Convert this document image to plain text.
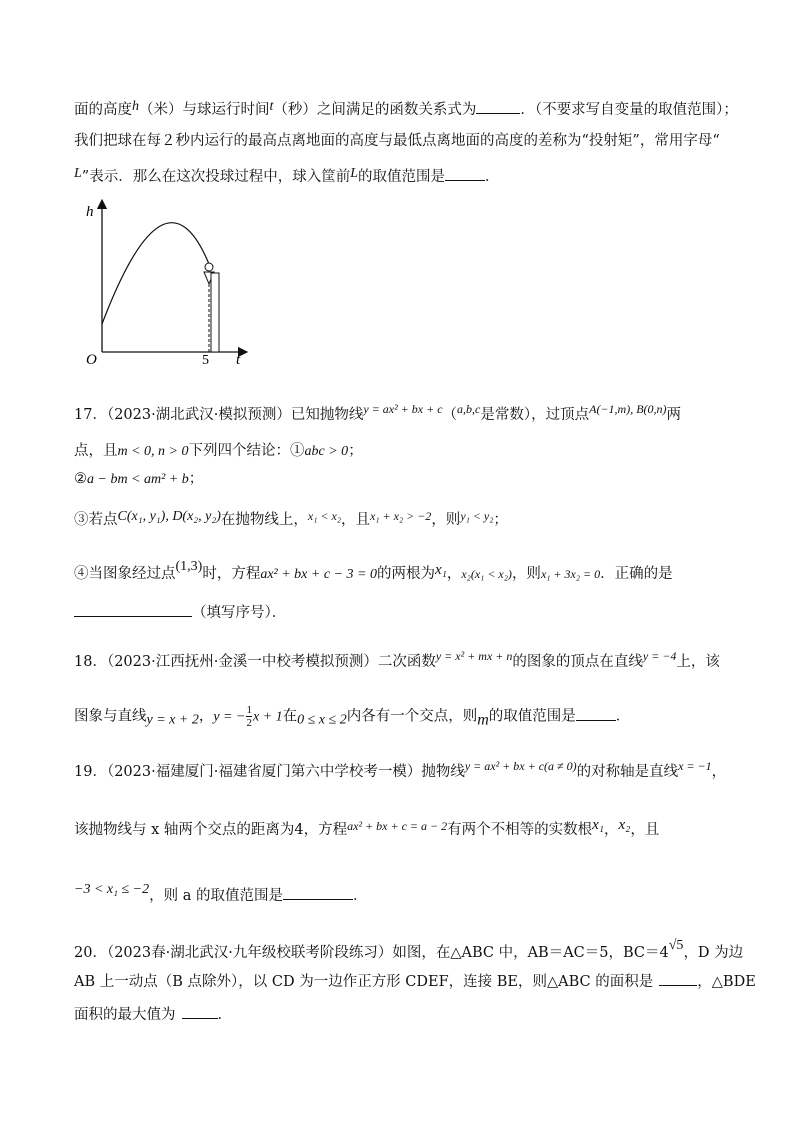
面的高度h（米）与球运行时间t（秒）之间满足的函数关系式为	．（不要求写自变量的取值范围）；
我们把球在每２秒内运行的最高点离地面的高度与最低点离地面的高度的差称为“投射矩”，常用字母“
L”表示．那么在这次投球过程中，球入筐前L的取值范围是	．
h
t
O	5
17．（2023·湖北武汉·模拟预测）已知抛物线$^{y = ax^2 + bx + c}$（$^{a,b,c}$是常数），过顶点$^{A(-1,m), B(0,n)}$两
点，且m < 0, n > 0下列四个结论：①abc > 0；
②a − bm < am² + b；
③若点C(x₁, y₁), D(x₂, y₂)在抛物线上，$^{x_1 < x_2}$，且$^{x_1 + x_2 > -2}$，则$^{y_1 < y_2}$；
④当图象经过点(1,3)时，方程ax² + bx + c − 3 = 0的两根为x₁，x₂(x₁ < x₂)，则x₁ + 3x₂ = 0．正确的是
（填写序号）．
18．（2023·江西抚州·金溪一中校考模拟预测）二次函数$^{y = x^2 + mx + n}$的图象的顶点在直线$^{y = -4}$上，该
图象与直线y = x + 2，y = − $\frac{1}{2}$ x + 1在0 ≤ x ≤ 2内各有一个交点，则m的取值范围是	．
19．（2023·福建厦门·福建省厦门第六中学校考一模）抛物线$^{y = ax^2 + bx + c(a \ne 0)}$的对称轴是直线$^{x = -1}$，
该抛物线与 x 轴两个交点的距离为4，方程$^{ax^2 + bx + c = a - 2}$有两个不相等的实数根x₁，x₂，且
−3 < x₁ ≤ −2，则 a 的取值范围是	．
20．（2023春·湖北武汉·九年级校联考阶段练习）如图，在△ABC 中，AB＝AC＝5，BC＝4√5，D 为边
AB 上一动点（B 点除外），以 CD 为一边作正方形 CDEF，连接 BE，则△ABC 的面积是	，△BDE
面积的最大值为	．
